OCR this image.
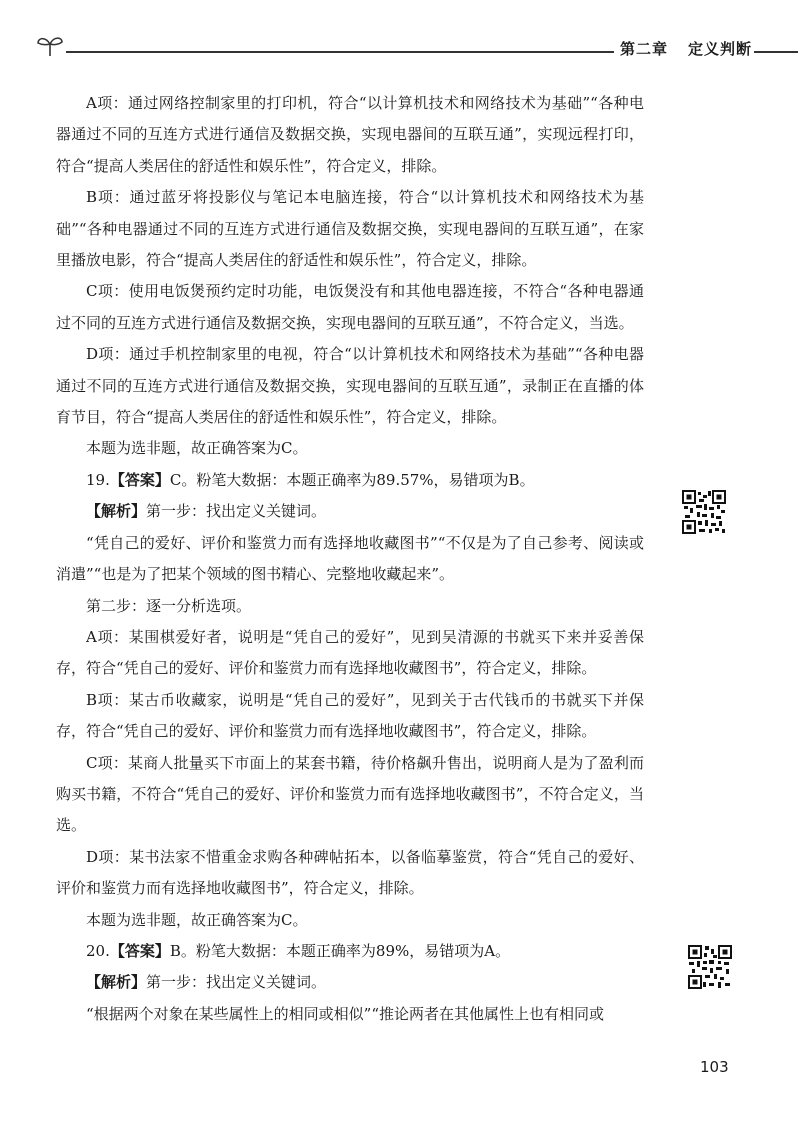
第二章 定义判断

A项：通过网络控制家里的打印机，符合“以计算机技术和网络技术为基础”“各种电器通过不同的互连方式进行通信及数据交换，实现电器间的互联互通”，实现远程打印，符合“提高人类居住的舒适性和娱乐性”，符合定义，排除。

B项：通过蓝牙将投影仪与笔记本电脑连接，符合“以计算机技术和网络技术为基础”“各种电器通过不同的互连方式进行通信及数据交换，实现电器间的互联互通”，在家里播放电影，符合“提高人类居住的舒适性和娱乐性”，符合定义，排除。

C项：使用电饭煲预约定时功能，电饭煲没有和其他电器连接，不符合“各种电器通过不同的互连方式进行通信及数据交换，实现电器间的互联互通”，不符合定义，当选。

D项：通过手机控制家里的电视，符合“以计算机技术和网络技术为基础”“各种电器通过不同的互连方式进行通信及数据交换，实现电器间的互联互通”，录制正在直播的体育节目，符合“提高人类居住的舒适性和娱乐性”，符合定义，排除。

本题为选非题，故正确答案为C。

19.【答案】C。粉笔大数据：本题正确率为89.57%，易错项为B。

【解析】第一步：找出定义关键词。

“凭自己的爱好、评价和鉴赏力而有选择地收藏图书”“不仅是为了自己参考、阅读或消遣”“也是为了把某个领域的图书精心、完整地收藏起来”。

第二步：逐一分析选项。

A项：某围棋爱好者，说明是“凭自己的爱好”，见到吴清源的书就买下来并妥善保存，符合“凭自己的爱好、评价和鉴赏力而有选择地收藏图书”，符合定义，排除。

B项：某古币收藏家，说明是“凭自己的爱好”，见到关于古代钱币的书就买下并保存，符合“凭自己的爱好、评价和鉴赏力而有选择地收藏图书”，符合定义，排除。

C项：某商人批量买下市面上的某套书籍，待价格飙升售出，说明商人是为了盈利而购买书籍，不符合“凭自己的爱好、评价和鉴赏力而有选择地收藏图书”，不符合定义，当选。

D项：某书法家不惜重金求购各种碑帖拓本，以备临摹鉴赏，符合“凭自己的爱好、评价和鉴赏力而有选择地收藏图书”，符合定义，排除。

本题为选非题，故正确答案为C。

20.【答案】B。粉笔大数据：本题正确率为89%，易错项为A。

【解析】第一步：找出定义关键词。

“根据两个对象在某些属性上的相同或相似”“推论两者在其他属性上也有相同或

103
